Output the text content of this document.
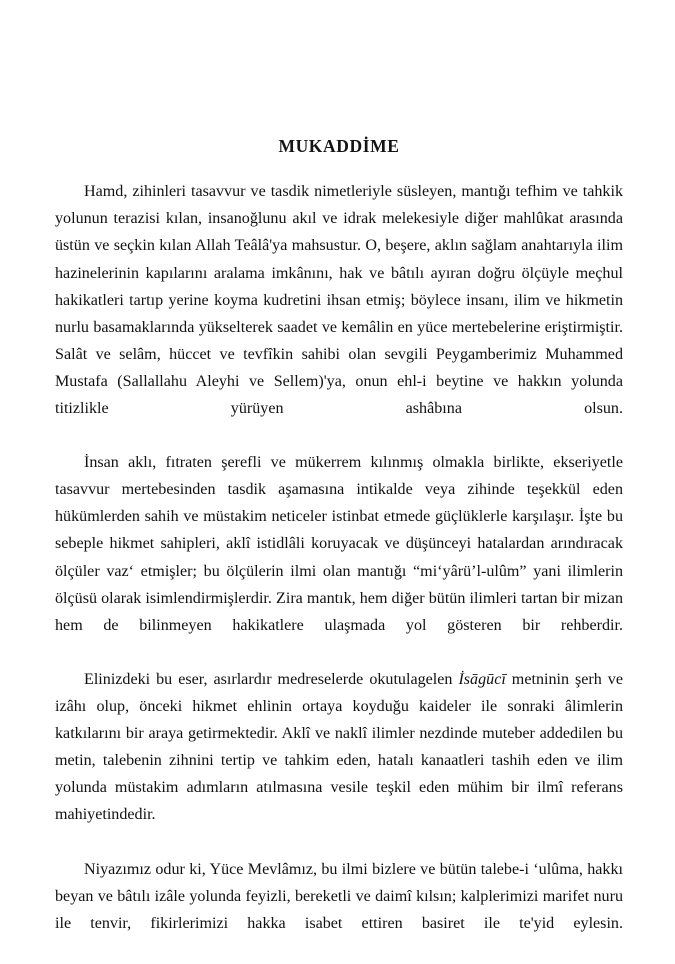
MUKADDİME

Hamd, zihinleri tasavvur ve tasdik nimetleriyle süsleyen, mantığı tefhim ve tahkik yolunun terazisi kılan, insanoğlunu akıl ve idrak melekesiyle diğer mahlûkat arasında üstün ve seçkin kılan Allah Teâlâ'ya mahsustur. O, beşere, aklın sağlam anahtarıyla ilim hazinelerinin kapılarını aralama imkânını, hak ve bâtılı ayıran doğru ölçüyle meçhul hakikatleri tartıp yerine koyma kudretini ihsan etmiş; böylece insanı, ilim ve hikmetin nurlu basamaklarında yükselterek saadet ve kemâlin en yüce mertebelerine eriştirmiştir. Salât ve selâm, hüccet ve tevfîkin sahibi olan sevgili Peygamberimiz Muhammed Mustafa (Sallallahu Aleyhi ve Sellem)'ya, onun ehl-i beytine ve hakkın yolunda titizlikle yürüyen ashâbına olsun.

İnsan aklı, fıtraten şerefli ve mükerrem kılınmış olmakla birlikte, ekseriyetle tasavvur mertebesinden tasdik aşamasına intikalde veya zihinde teşekkül eden hükümlerden sahih ve müstakim neticeler istinbat etmede güçlüklerle karşılaşır. İşte bu sebeple hikmet sahipleri, aklî istidlâli koruyacak ve düşünceyi hatalardan arındıracak ölçüler vazʻ etmişler; bu ölçülerin ilmi olan mantığı “miʻyârüʼl-ulûm” yani ilimlerin ölçüsü olarak isimlendirmişlerdir. Zira mantık, hem diğer bütün ilimleri tartan bir mizan hem de bilinmeyen hakikatlere ulaşmada yol gösteren bir rehberdir.

Elinizdeki bu eser, asırlardır medreselerde okutulagelen İsāgūcī metninin şerh ve izâhı olup, önceki hikmet ehlinin ortaya koyduğu kaideler ile sonraki âlimlerin katkılarını bir araya getirmektedir. Aklî ve naklî ilimler nezdinde muteber addedilen bu metin, talebenin zihnini tertip ve tahkim eden, hatalı kanaatleri tashih eden ve ilim yolunda müstakim adımların atılmasına vesile teşkil eden mühim bir ilmî referans mahiyetindedir.

Niyazımız odur ki, Yüce Mevlâmız, bu ilmi bizlere ve bütün talebe-i ʻulûma, hakkı beyan ve bâtılı izâle yolunda feyizli, bereketli ve daimî kılsın; kalplerimizi marifet nuru ile tenvir, fikirlerimizi hakka isabet ettiren basiret ile te'yid eylesin.
